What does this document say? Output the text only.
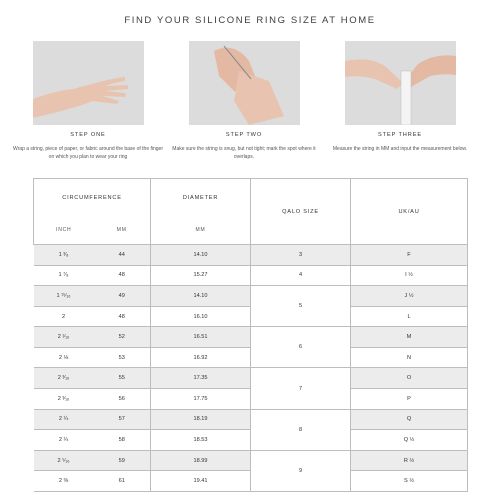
FIND YOUR SILICONE RING SIZE AT HOME
STEP ONE
Wrap a string, piece of paper, or fabric around the base of the finger on which you plan to wear your ring
STEP TWO
Make sure the string is snug, but not tight; mark the spot where it overlaps.
STEP THREE
Measure the string in MM and input the measurement below.
CIRCUMFERENCE		DIAMETER	QALO SIZE	UK/AU
INCH	MM	MM		
1 ³⁄₈	44	14.10	3	F
1 ⁷⁄₈	48	15.27	4	I ½
1 ¹⁵⁄₁₆	49	14.10	5	J ½
2	48	16.10		L
2 ¹⁄₁₆	52	16.51	6	M
2 ⅛	53	16.92		N
2 ³⁄₁₆	55	17.35	7	O
2 ³⁄₁₆	56	17.75		P
2 ¼	57	18.19	8	Q
2 ¼	58	18.53		Q ½
2 ⁵⁄₁₆	59	18.99	9	R ½
2 ⅜	61	19.41		S ½
